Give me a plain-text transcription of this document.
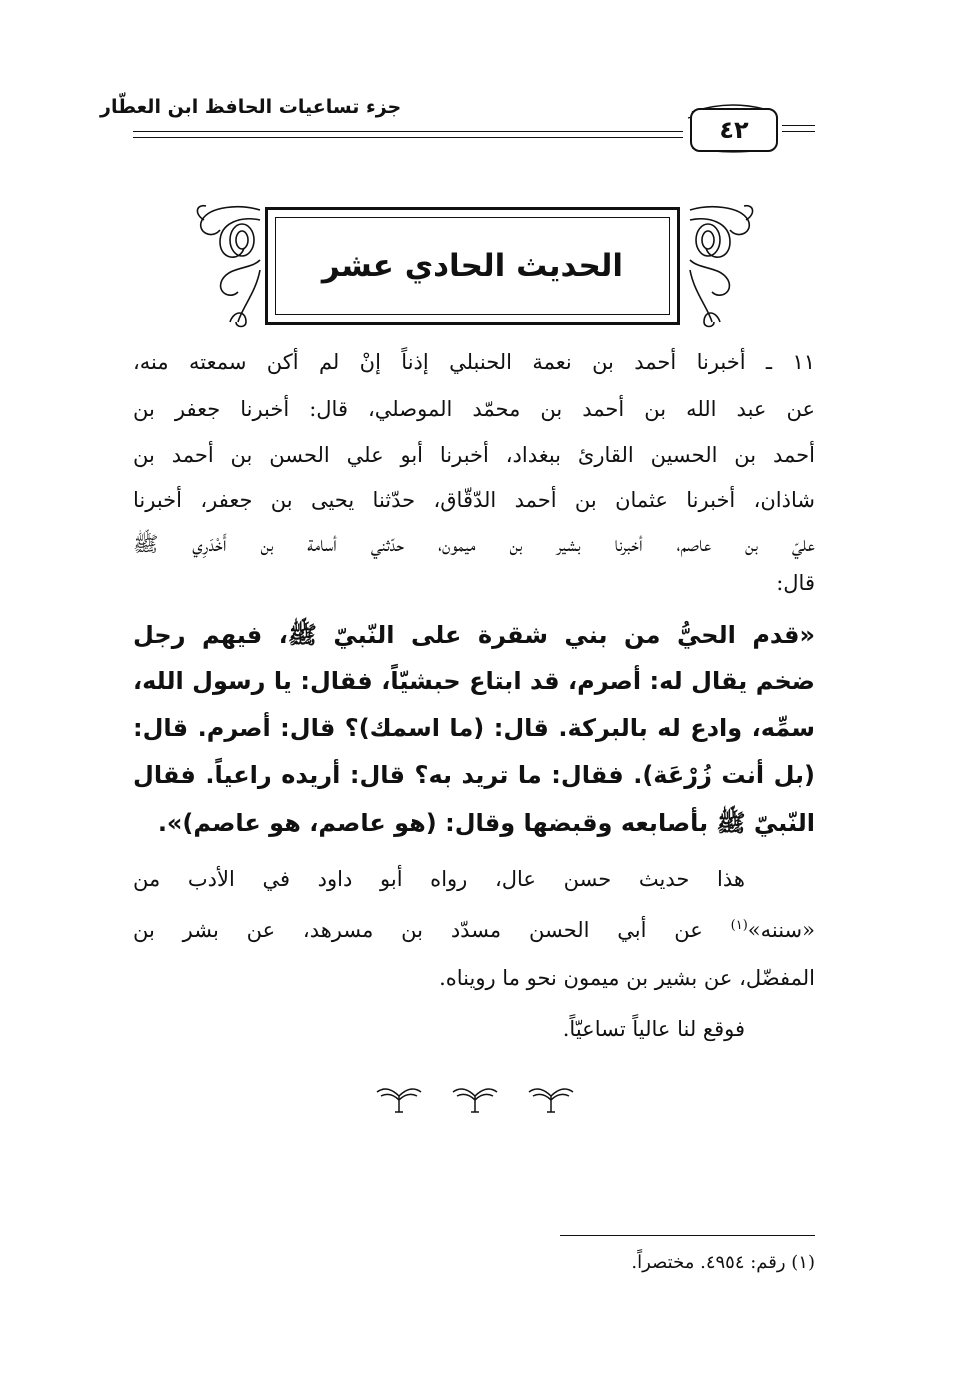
جزء تساعيات الحافظ ابن العطّار
٤٢
الحديث الحادي عشر
١١ ـ أخبرنا أحمد بن نعمة الحنبلي إذناً إنْ لم أكن سمعته منه،
عن عبد الله بن أحمد بن محمّد الموصلي، قال: أخبرنا جعفر بن
أحمد بن الحسين القارئ ببغداد، أخبرنا أبو علي الحسن بن أحمد بن
شاذان، أخبرنا عثمان بن أحمد الدّقّاق، حدّثنا يحيى بن جعفر، أخبرنا
عليّ بن عاصم، أخبرنا بشير بن ميمون، حدّثني أسامة بن أَخْدَرِي ﷺ
قال:
«قدم الحيُّ من بني شقرة على النّبيّ ﷺ، فيهم رجل
ضخم يقال له: أصرم، قد ابتاع حبشيّاً، فقال: يا رسول الله،
سمِّه، وادع له بالبركة. قال: (ما اسمك)؟ قال: أصرم. قال:
(بل أنت زُرْعَة). فقال: ما تريد به؟ قال: أريده راعياً. فقال
النّبيّ ﷺ بأصابعه وقبضها وقال: (هو عاصم، هو عاصم)».
هذا حديث حسن عال، رواه أبو داود في الأدب من
«سننه»$^{(١)}$ عن أبي الحسن مسدّد بن مسرهد، عن بشر بن
المفضّل، عن بشير بن ميمون نحو ما رويناه.
فوقع لنا عالياً تساعيّاً.
(١) رقم: ٤٩٥٤. مختصراً.
